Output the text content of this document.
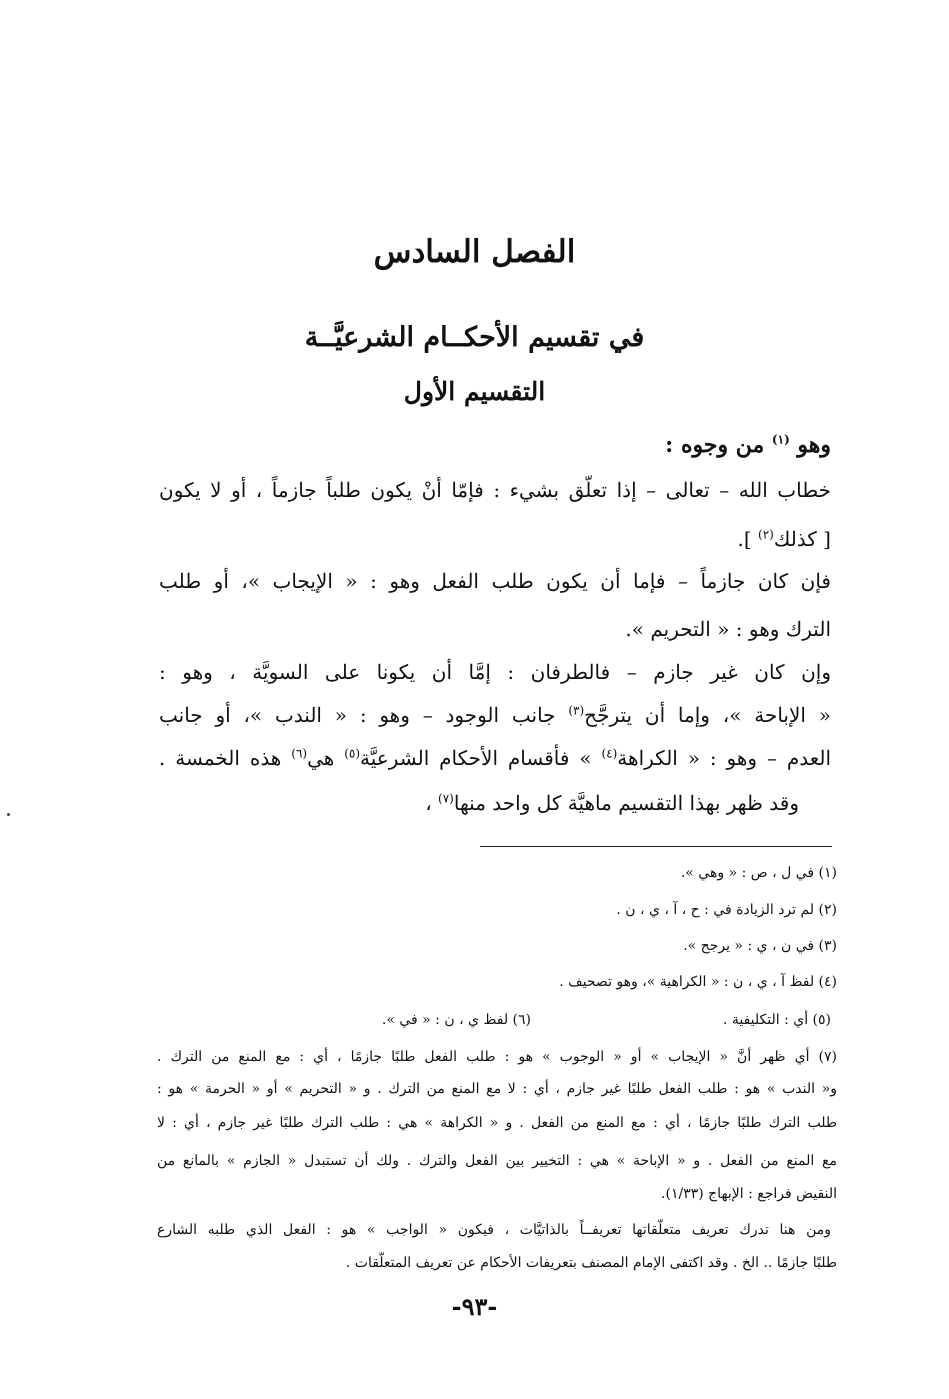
الفصل السادس
في تقسيم الأحكــام الشرعيَّــة
التقسيم الأول
وهو $^{(١)}$ من وجوه :
خطاب الله – تعالى – إذا تعلَّق بشيء : فإمّا أنْ يكون طلباً جازماً ، أو لا يكون
[ كذلك$^{(٢)}$ ].
فإن كان جازماً – فإما أن يكون طلب الفعل وهو : « الإيجاب »، أو طلب
الترك وهو : « التحريم ».
وإن كان غير جازم – فالطرفان : إمَّا أن يكونا على السويَّة ، وهو :
« الإباحة »، وإما أن يترجَّح$^{(٣)}$ جانب الوجود – وهو : « الندب »، أو جانب
العدم – وهو : « الكراهة$^{(٤)}$ » فأقسام الأحكام الشرعيَّة$^{(٥)}$ هي$^{(٦)}$ هذه الخمسة .
وقد ظهر بهذا التقسيم ماهيَّة كل واحد منها$^{(٧)}$ ،
(١) في ل ، ص : « وهي ».
(٢) لم ترد الزيادة في : ح ، آ ، ي ، ن .
(٣) في ن ، ي : « يرجح ».
(٤) لفظ آ ، ي ، ن : « الكراهية »، وهو تصحيف .
(٥) أي : التكليفية .
(٦) لفظ ي ، ن : « في ».
(٧) أي ظهر أنَّ « الإيجاب » أو « الوجوب » هو : طلب الفعل طلبًا جازمًا ، أي : مع المنع من الترك .
و« الندب » هو : طلب الفعل طلبًا غير جازم ، أي : لا مع المنع من الترك . و « التحريم » أو « الحرمة » هو :
طلب الترك طلبًا جازمًا ، أي : مع المنع من الفعل . و « الكراهة » هي : طلب الترك طلبًا غير جازم ، أي : لا
مع المنع من الفعل . و « الإباحة » هي : التخيير بين الفعل والترك . ولك أن تستبدل « الجازم » بالمانع من
النقيض فراجع : الإبهاج (١/٣٣).
ومن هنا تدرك تعريف متعلّقاتها تعريفــاً بالذاتيَّات ، فيكون « الواجب » هو : الفعل الذي طلبه الشارع
طلبًا جازمًا .. الخ . وقد اكتفى الإمام المصنف بتعريفات الأحكام عن تعريف المتعلّقات .
-٩٣-
